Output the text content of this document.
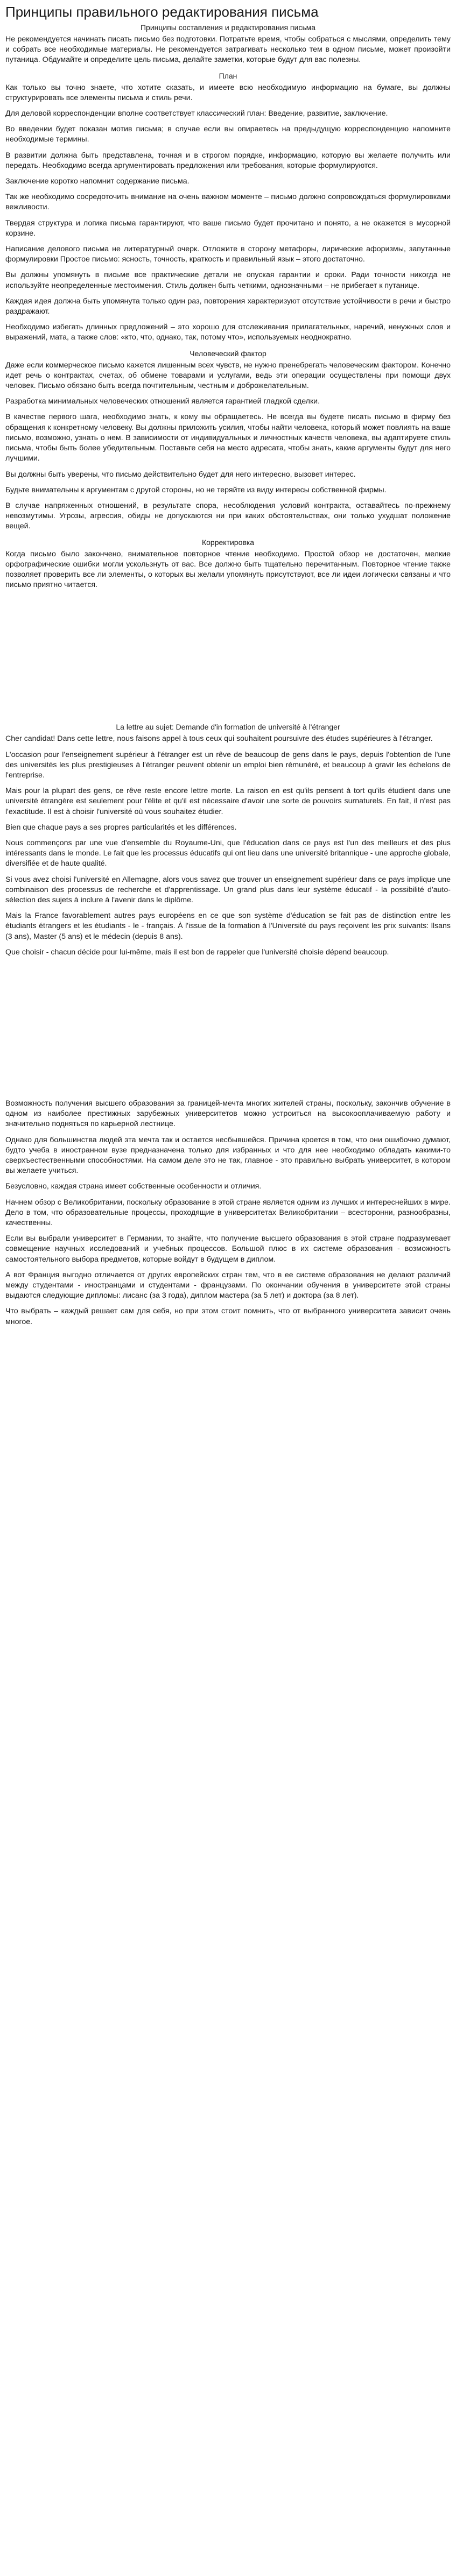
Принципы правильного редактирования письма
Принципы составления и редактирования письма

Не рекомендуется начинать писать письмо без подготовки. Потратьте время, чтобы собраться с мыслями, определить тему и собрать все необходимые материалы. Не рекомендуется затрагивать несколько тем в одном письме, может произойти путаница. Обдумайте и определите цель письма, делайте заметки, которые будут для вас полезны.

План

Как только вы точно знаете, что хотите сказать, и имеете всю необходимую информацию на бумаге, вы должны структурировать все элементы письма и стиль речи.

Для деловой корреспонденции вполне соответствует классический план: Введение, развитие, заключение.

Во введении будет показан мотив письма; в случае если вы опираетесь на предыдущую корреспонденцию напомните необходимые термины.

В развитии должна быть представлена, точная и в строгом порядке, информацию, которую вы желаете получить или передать. Необходимо всегда аргументировать предложения или требования, которые формулируются.

Заключение коротко напомнит содержание письма.

Так же необходимо сосредоточить внимание на очень важном моменте – письмо должно сопровождаться формулировками вежливости.

Твердая структура и логика письма гарантируют, что ваше письмо будет прочитано и понято, а не окажется в мусорной корзине.

Написание делового письма не литературный очерк. Отложите в сторону метафоры, лирические афоризмы, запутанные формулировки Простое письмо: ясность, точность, краткость и правильный язык – этого достаточно.

Вы должны упомянуть в письме все практические детали не опуская гарантии и сроки. Ради точности никогда не используйте неопределенные местоимения. Стиль должен быть четкими, однозначными – не прибегает к путанице.

Каждая идея должна быть упомянута только один раз, повторения характеризуют отсутствие устойчивости в речи и быстро раздражают.

Необходимо избегать длинных предложений – это хорошо для отслеживания прилагательных, наречий, ненужных слов и выражений, мата, а также слов: «кто, что, однако, так, потому что», используемых неоднократно.

Человеческий фактор

Даже если коммерческое письмо кажется лишенным всех чувств, не нужно пренебрегать человеческим фактором. Конечно идет речь о контрактах, счетах, об обмене товарами и услугами, ведь эти операции осуществлены при помощи двух человек. Письмо обязано быть всегда почтительным, честным и доброжелательным.

Разработка минимальных человеческих отношений является гарантией гладкой сделки.

В качестве первого шага, необходимо знать, к кому вы обращаетесь. Не всегда вы будете писать письмо в фирму без обращения к конкретному человеку. Вы должны приложить усилия, чтобы найти человека, который может повлиять на ваше письмо, возможно, узнать о нем. В зависимости от индивидуальных и личностных качеств человека, вы адаптируете стиль письма, чтобы быть более убедительным. Поставьте себя на место адресата, чтобы знать, какие аргументы будут для него лучшими.

Вы должны быть уверены, что письмо действительно будет для него интересно, вызовет интерес.

Будьте внимательны к аргументам с другой стороны, но не теряйте из виду интересы собственной фирмы.

В случае напряженных отношений, в результате спора, несоблюдения условий контракта, оставайтесь по-прежнему невозмутимы. Угрозы, агрессия, обиды не допускаются ни при каких обстоятельствах, они только ухудшат положение вещей.

Корректировка

Когда письмо было закончено, внимательное повторное чтение необходимо. Простой обзор не достаточен, мелкие орфографические ошибки могли ускользнуть от вас. Все должно быть тщательно перечитанным. Повторное чтение также позволяет проверить все ли элементы, о которых вы желали упомянуть присутствуют, все ли идеи логически связаны и что письмо приятно читается.

La lettre au sujet: Demande d'in formation de université à l'étranger

Cher candidat! Dans cette lettre, nous faisons appel à tous ceux qui souhaitent poursuivre des études supérieures à l'étranger.

L'occasion pour l'enseignement supérieur à l'étranger est un rêve de beaucoup de gens dans le pays, depuis l'obtention de l'une des universités les plus prestigieuses à l'étranger peuvent obtenir un emploi bien rémunéré, et beaucoup à gravir les échelons de l'entreprise.

Mais pour la plupart des gens, ce rêve reste encore lettre morte. La raison en est qu'ils pensent à tort qu'ils étudient dans une université étrangère est seulement pour l'élite et qu'il est nécessaire d'avoir une sorte de pouvoirs surnaturels. En fait, il n'est pas l'exactitude. Il est à choisir l'université où vous souhaitez étudier.

Bien que chaque pays a ses propres particularités et les différences.

Nous commençons par une vue d'ensemble du Royaume-Uni, que l'éducation dans ce pays est l'un des meilleurs et des plus intéressants dans le monde. Le fait que les processus éducatifs qui ont lieu dans une université britannique - une approche globale, diversifiée et de haute qualité.

Si vous avez choisi l'université en Allemagne, alors vous savez que trouver un enseignement supérieur dans ce pays implique une combinaison des processus de recherche et d'apprentissage. Un grand plus dans leur système éducatif - la possibilité d'auto-sélection des sujets à inclure à l'avenir dans le diplôme.

Mais la France favorablement autres pays européens en ce que son système d'éducation se fait pas de distinction entre les étudiants étrangers et les étudiants - le - français. À l'issue de la formation à l'Université du pays reçoivent les prix suivants: llsans (3 ans), Master (5 ans) et le médecin (depuis 8 ans).

Que choisir - chacun décide pour lui-même, mais il est bon de rappeler que l'université choisie dépend beaucoup.

Возможность получения высшего образования за границей-мечта многих жителей страны, поскольку, закончив обучение в одном из наиболее престижных зарубежных университетов можно устроиться на высокооплачиваемую работу и значительно подняться по карьерной лестнице.

Однако для большинства людей эта мечта так и остается несбывшейся. Причина кроется в том, что они ошибочно думают, будто учеба в иностранном вузе предназначена только для избранных и что для нее необходимо обладать какими-то сверхъестественными способностями. На самом деле это не так, главное - это правильно выбрать университет, в котором вы желаете учиться.

Безусловно, каждая страна имеет собственные особенности и отличия.

Начнем обзор с Великобритании, поскольку образование в этой стране является одним из лучших и интереснейших в мире. Дело в том, что образовательные процессы, проходящие в университетах Великобритании – всесторонни, разнообразны, качественны.

Если вы выбрали университет в Германии, то знайте, что получение высшего образования в этой стране подразумевает совмещение научных исследований и учебных процессов. Большой плюс в их системе образования - возможность самостоятельного выбора предметов, которые войдут в будущем в диплом.

А вот Франция выгодно отличается от других европейских стран тем, что в ее системе образования не делают различий между студентами - иностранцами и студентами - французами. По окончании обучения в университете этой страны выдаются следующие дипломы: лиcанс (за 3 года), диплом мастера (за 5 лет) и доктора (за 8 лет).

Что выбрать – каждый решает сам для себя, но при этом стоит помнить, что от выбранного университета зависит очень многое.
